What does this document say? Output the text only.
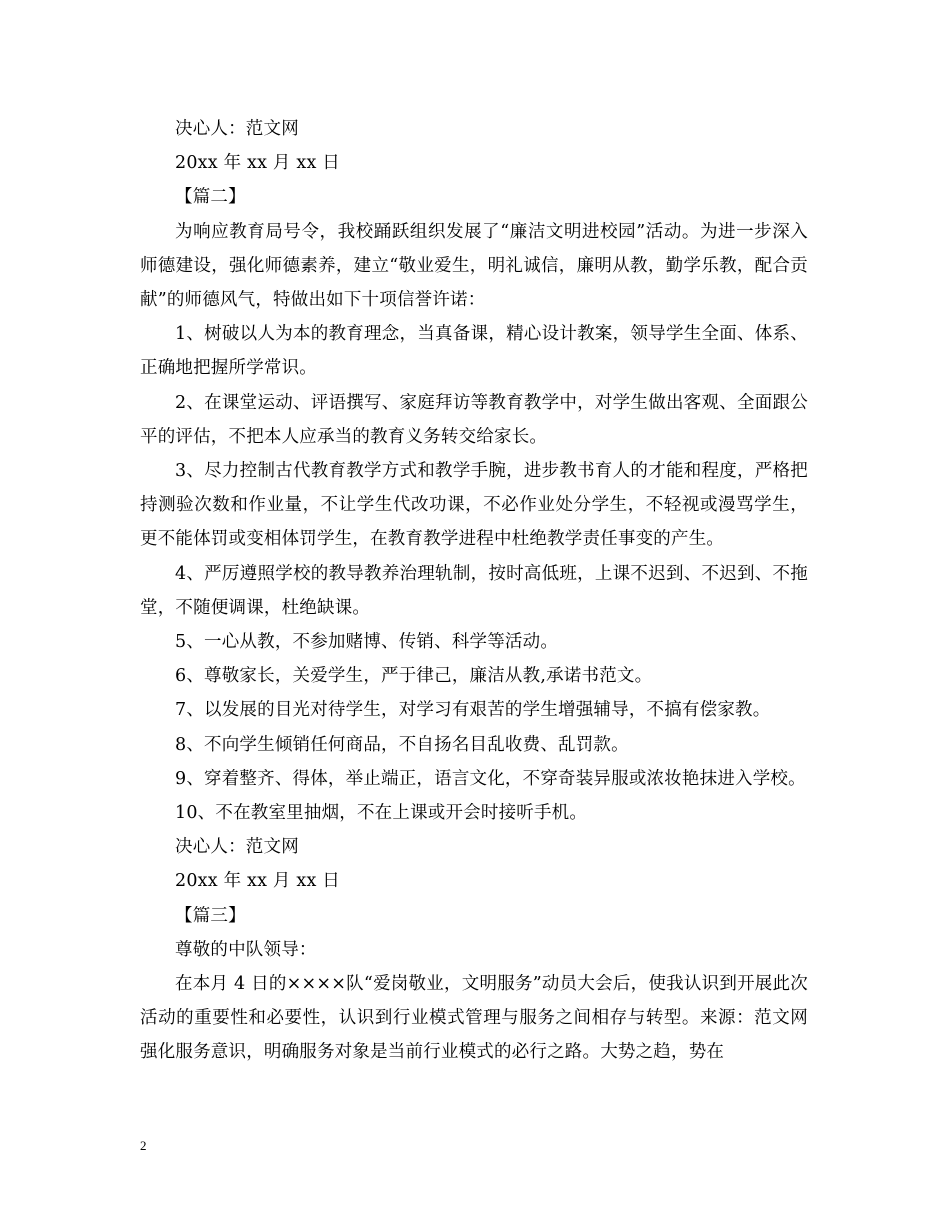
决心人：范文网

20xx 年 xx 月 xx 日

【篇二】

为响应教育局号令，我校踊跃组织发展了“廉洁文明进校园”活动。为进一步深入师德建设，强化师德素养，建立“敬业爱生，明礼诚信，廉明从教，勤学乐教，配合贡献”的师德风气，特做出如下十项信誉许诺：

1、树破以人为本的教育理念，当真备课，精心设计教案，领导学生全面、体系、正确地把握所学常识。

2、在课堂运动、评语撰写、家庭拜访等教育教学中，对学生做出客观、全面跟公平的评估，不把本人应承当的教育义务转交给家长。

3、尽力控制古代教育教学方式和教学手腕，进步教书育人的才能和程度，严格把持测验次数和作业量，不让学生代改功课，不必作业处分学生，不轻视或漫骂学生，更不能体罚或变相体罚学生，在教育教学进程中杜绝教学责任事变的产生。

4、严厉遵照学校的教导教养治理轨制，按时高低班，上课不迟到、不迟到、不拖堂，不随便调课，杜绝缺课。

5、一心从教，不参加赌博、传销、科学等活动。

6、尊敬家长，关爱学生，严于律己，廉洁从教,承诺书范文。

7、以发展的目光对待学生，对学习有艰苦的学生增强辅导，不搞有偿家教。

8、不向学生倾销任何商品，不自扬名目乱收费、乱罚款。

9、穿着整齐、得体，举止端正，语言文化，不穿奇装异服或浓妆艳抹进入学校。

10、不在教室里抽烟，不在上课或开会时接听手机。

决心人：范文网

20xx 年 xx 月 xx 日

【篇三】

尊敬的中队领导：

在本月 4 日的××××队“爱岗敬业，文明服务”动员大会后，使我认识到开展此次活动的重要性和必要性，认识到行业模式管理与服务之间相存与转型。来源：范文网强化服务意识，明确服务对象是当前行业模式的必行之路。大势之趋，势在

2
